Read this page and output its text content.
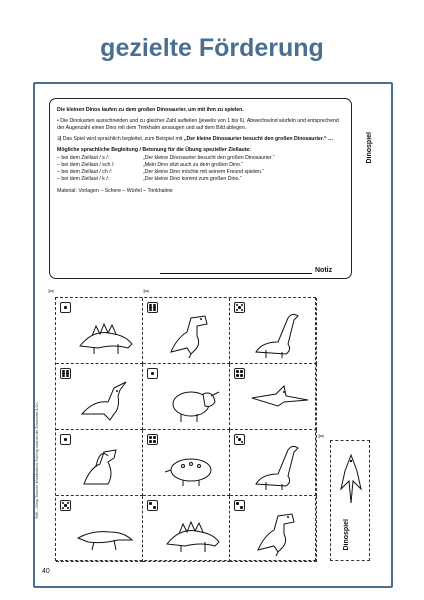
gezielte Förderung

Die kleinen Dinos laufen zu dem großen Dinosaurier, um mit ihm zu spielen.

• Die Dinokarten ausschneiden und zu gleicher Zahl aufteilen (jeweils von 1 bis 6). Abwechselnd würfeln und entsprechend der Augenzahl einen Dino mit dem Trinkhalm ansaugen und auf dem Bild ablegen.

⇶ Das Spiel wird sprachlich begleitet, zum Beispiel mit „Der kleine Dinosaurier besucht den großen Dinosaurier.“ …

Mögliche sprachliche Begleitung / Betonung für die Übung spezieller Ziellaute:

– bei dem Ziellaut / s /:	„Der kleine Dinosaurier besucht den großen Dinosaurier.“
– bei dem Ziellaut / sch /:	„Mein Dino sitzt auch zu dem großen Dino.“
– bei dem Ziellaut / ch /:	„Der kleine Dino möchte mit seinem Freund spielen.“
– bei dem Ziellaut / k /:	„Der kleine Dino kommt zum großen Dino.“

Material: Vorlagen – Schere – Würfel – Trinkhalme

Dinospiel
Notiz
✂	✂
✂
Dinospiel
40
BVK – Sonja Thomas: Mundmotorik-Training rund um die Zirkusreise & Co.
